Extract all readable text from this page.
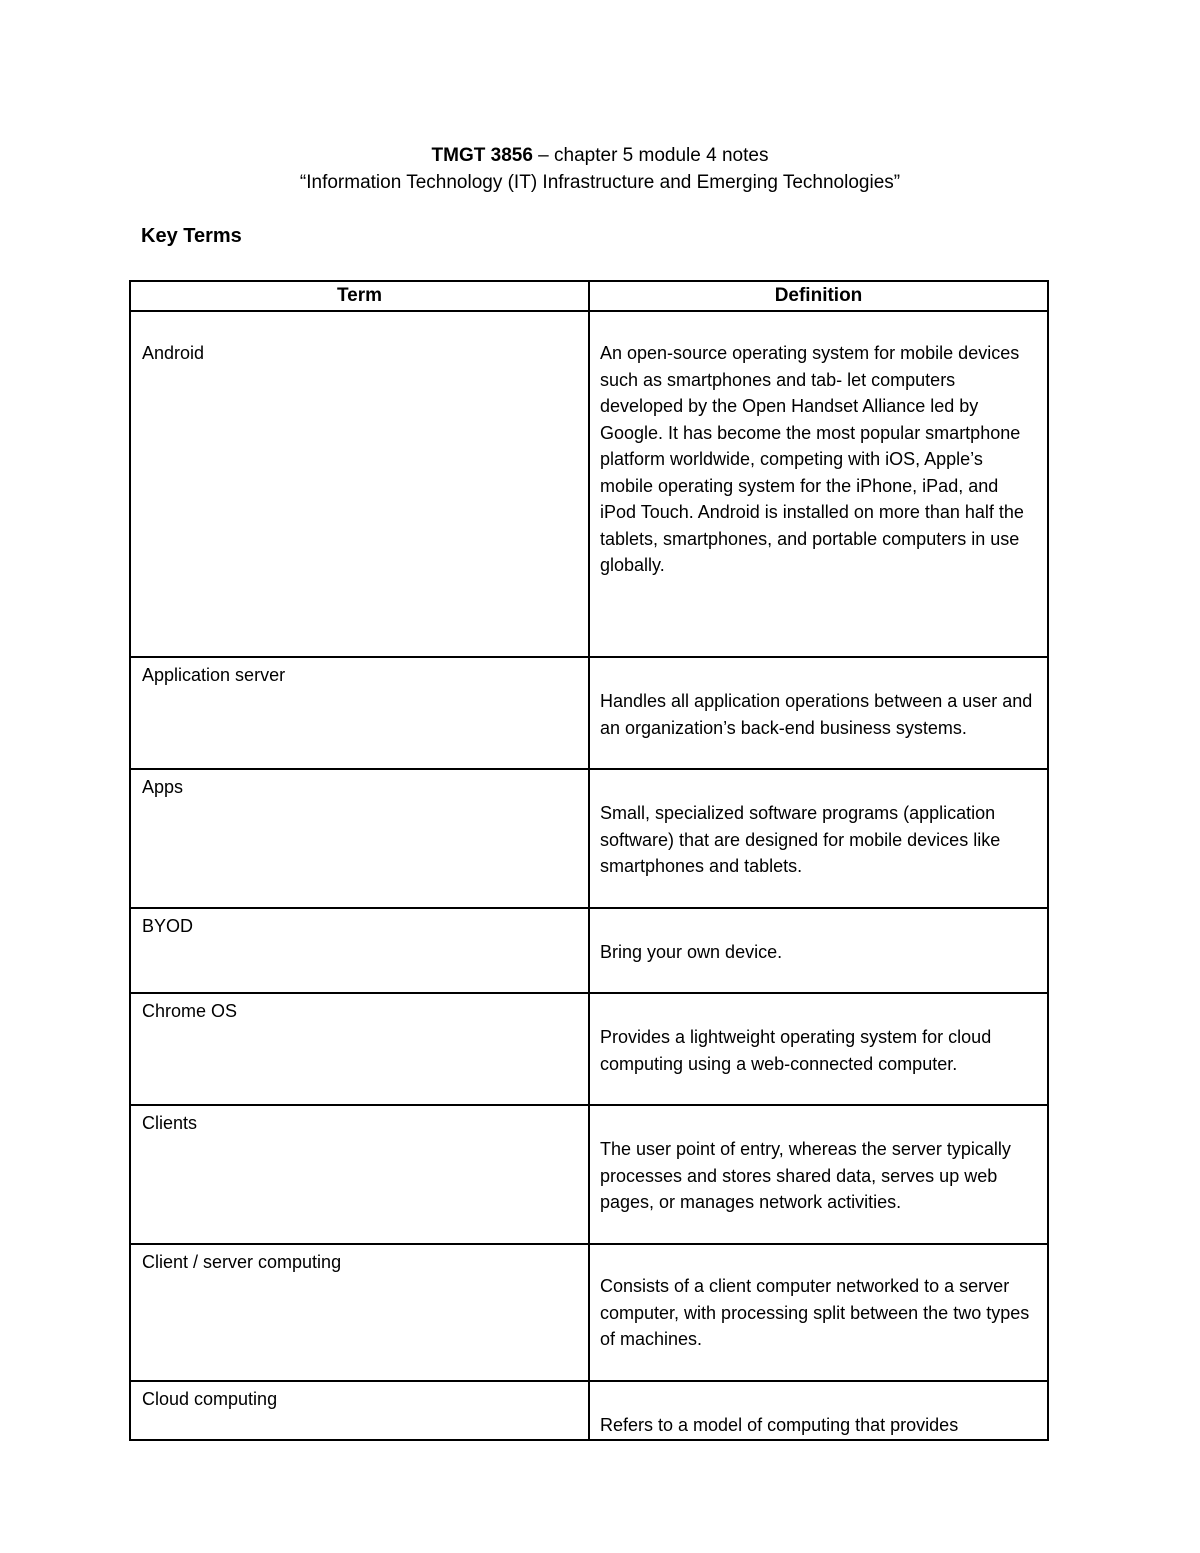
TMGT 3856 – chapter 5 module 4 notes
“Information Technology (IT) Infrastructure and Emerging Technologies”
Key Terms
Term	Definition
Android	An open-source operating system for mobile devices such as smartphones and tab- let computers developed by the Open Handset Alliance led by Google. It has become the most popular smartphone platform worldwide, competing with iOS, Apple’s mobile operating system for the iPhone, iPad, and iPod Touch. Android is installed on more than half the tablets, smartphones, and portable computers in use globally.

Application server	Handles all application operations between a user and an organization’s back-end business systems.

Apps	Small, specialized software programs (application software) that are designed for mobile devices like smartphones and tablets.

BYOD	Bring your own device.

Chrome OS	Provides a lightweight operating system for cloud computing using a web-connected computer.

Clients	The user point of entry, whereas the server typically processes and stores shared data, serves up web pages, or manages network activities.

Client / server computing	Consists of a client computer networked to a server computer, with processing split between the two types of machines.

Cloud computing	Refers to a model of computing that provides
